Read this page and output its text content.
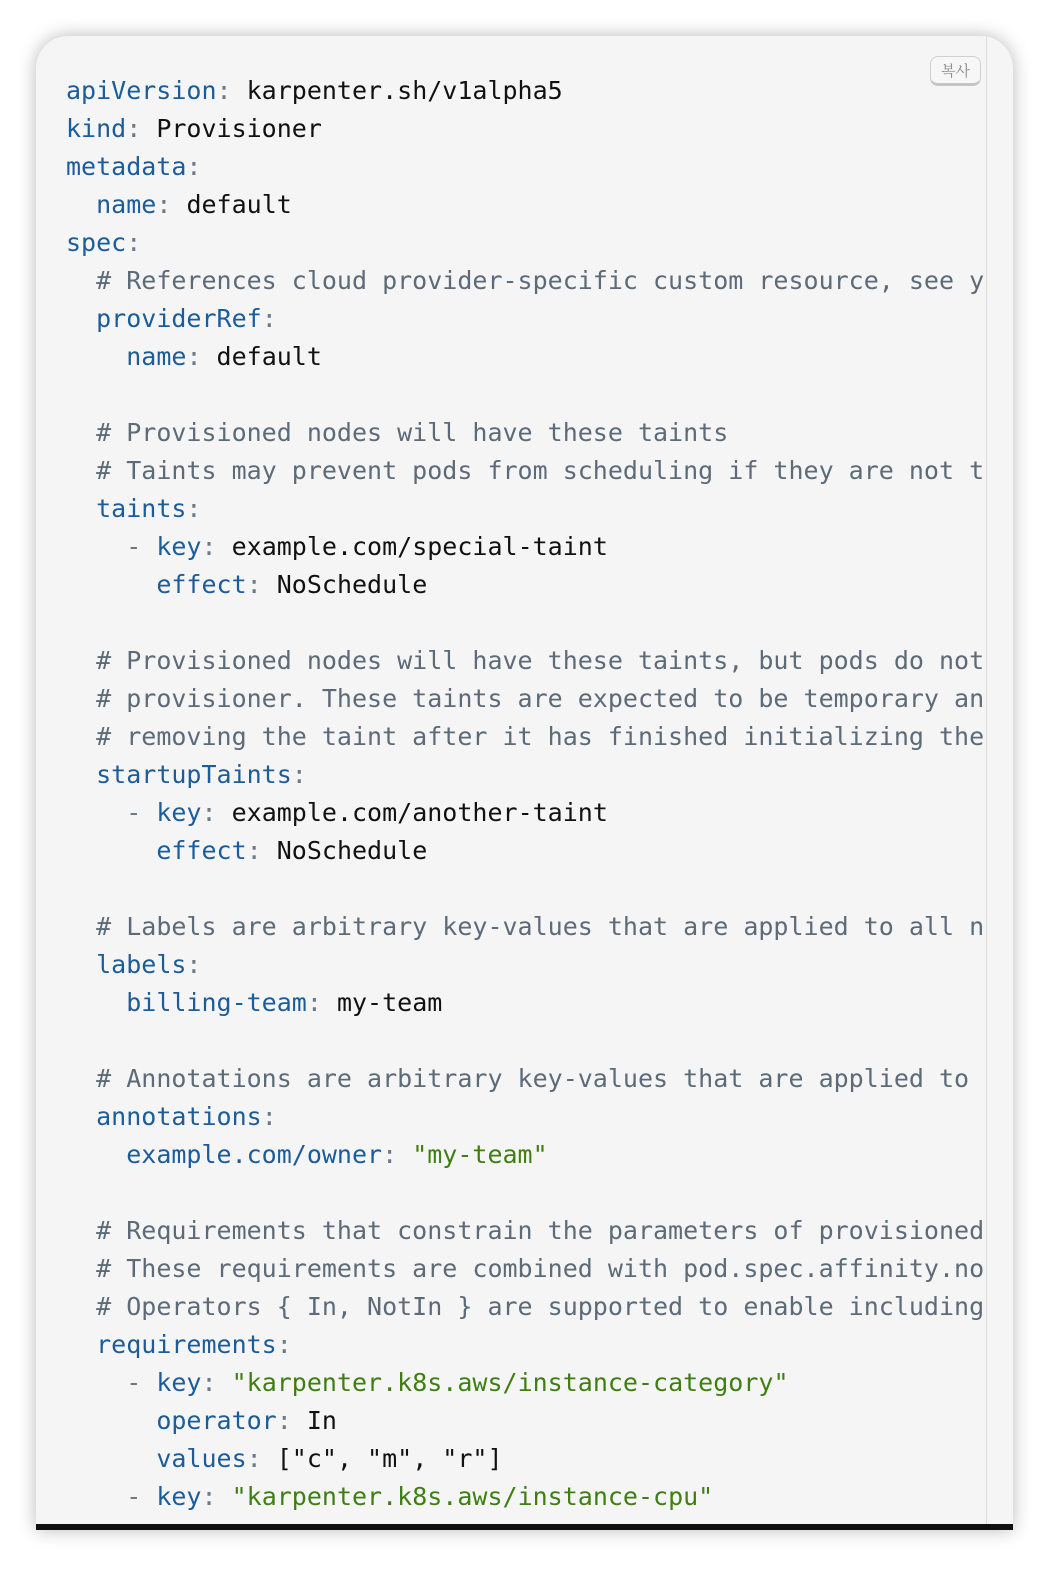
복사
apiVersion: karpenter.sh/v1alpha5
kind: Provisioner
metadata:
name: default
spec:
# References cloud provider-specific custom resource, see y
providerRef:
name: default
# Provisioned nodes will have these taints
# Taints may prevent pods from scheduling if they are not t
taints:
- key: example.com/special-taint
effect: NoSchedule
# Provisioned nodes will have these taints, but pods do not
# provisioner. These taints are expected to be temporary an
# removing the taint after it has finished initializing the
startupTaints:
- key: example.com/another-taint
effect: NoSchedule
# Labels are arbitrary key-values that are applied to all n
labels:
billing-team: my-team
# Annotations are arbitrary key-values that are applied to
annotations:
example.com/owner: "my-team"
# Requirements that constrain the parameters of provisioned
# These requirements are combined with pod.spec.affinity.no
# Operators { In, NotIn } are supported to enable including
requirements:
- key: "karpenter.k8s.aws/instance-category"
operator: In
values: ["c", "m", "r"]
- key: "karpenter.k8s.aws/instance-cpu"
